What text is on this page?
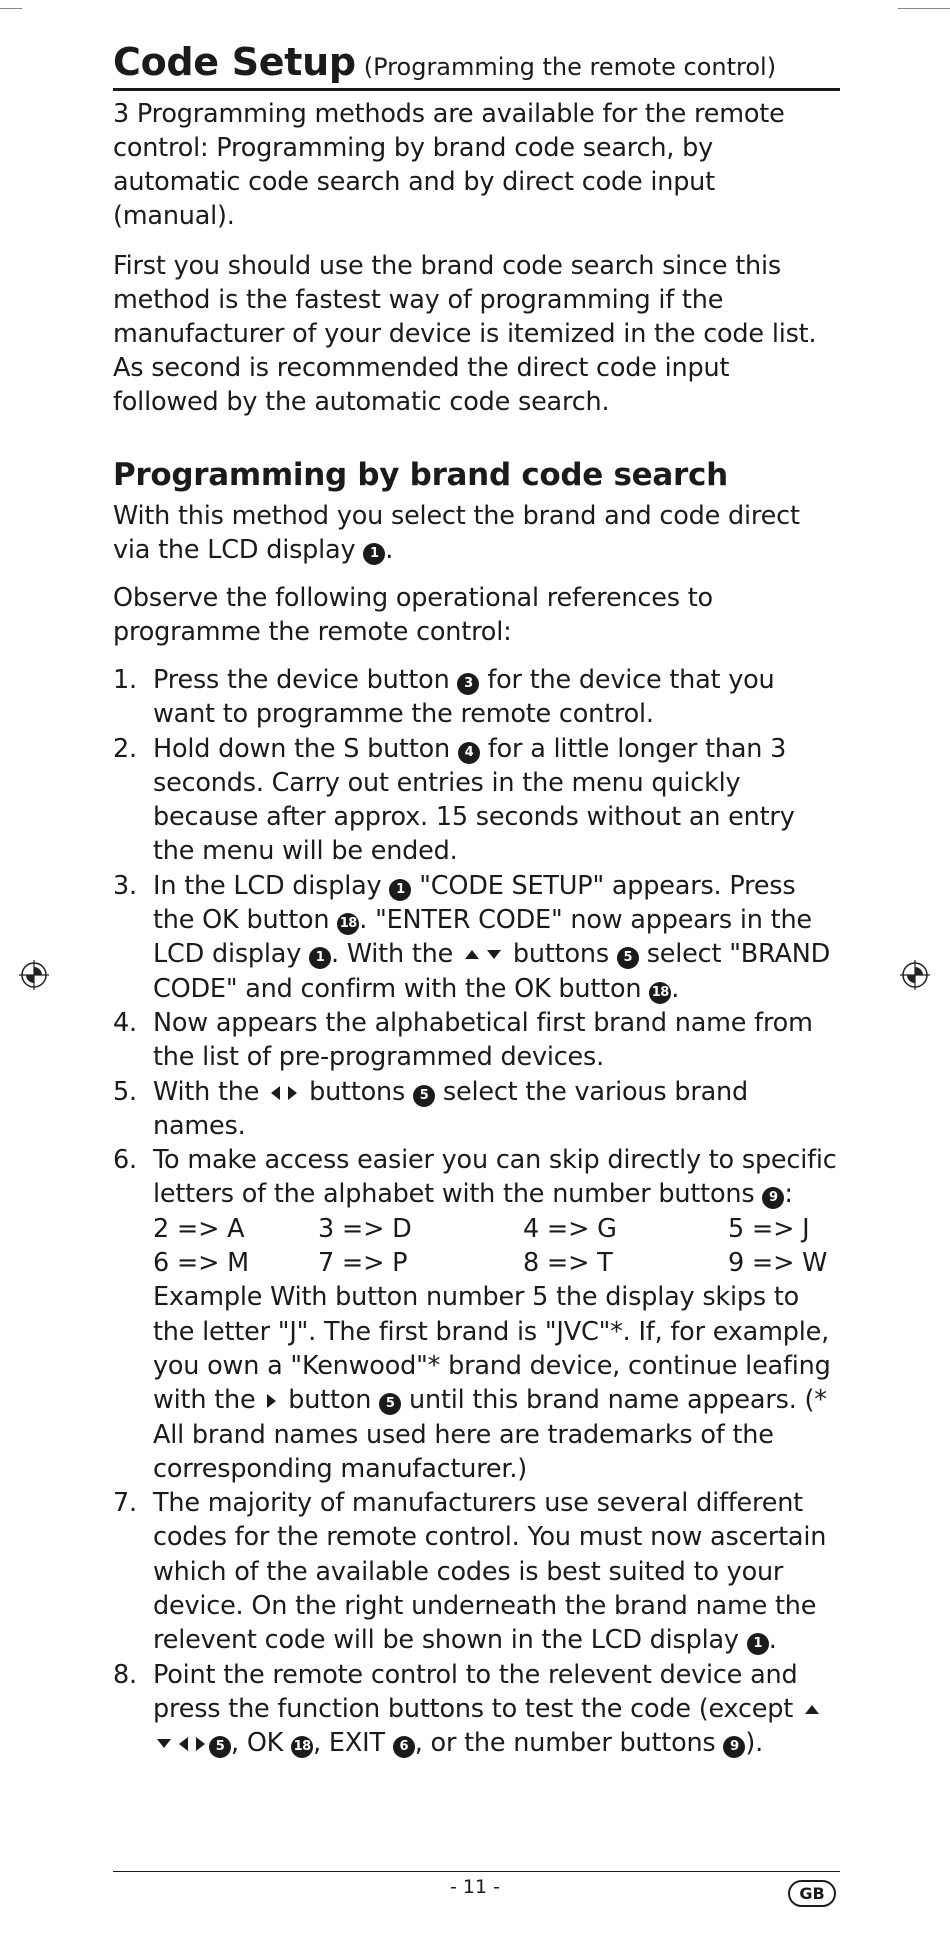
Code Setup (Programming the remote control)

3 Programming methods are available for the remote control: Programming by brand code search, by automatic code search and by direct code input (manual).

First you should use the brand code search since this method is the fastest way of programming if the manufacturer of your device is itemized in the code list. As second is recommended the direct code input followed by the automatic code search.

Programming by brand code search

With this method you select the brand and code direct via the LCD display 1 .

Observe the following operational references to programme the remote control:

1. Press the device button 3 for the device that you want to programme the remote control.
2. Hold down the S button 4 for a little longer than 3 seconds. Carry out entries in the menu quickly because after approx. 15 seconds without an entry the menu will be ended.
3. In the LCD display 1 "CODE SETUP" appears. Press the OK button 18. "ENTER CODE" now appears in the LCD display 1 . With the buttons 5 select "BRAND CODE" and confirm with the OK button 18.
4. Now appears the alphabetical first brand name from the list of pre-programmed devices.
5. With the buttons 5 select the various brand names.
6. To make access easier you can skip directly to specific letters of the alphabet with the number buttons 9 :
2 => A	3 => D	4 => G	5 => J
6 => M	7 => P	8 => T	9 => W
Example With button number 5 the display skips to the letter "J". The first brand is "JVC"*. If, for example, you own a "Kenwood"* brand device, continue leafing with the button 5 until this brand name appears. (* All brand names used here are trademarks of the corresponding manufacturer.)
7. The majority of manufacturers use several different codes for the remote control. You must now ascertain which of the available codes is best suited to your device. On the right underneath the brand name the relevent code will be shown in the LCD display 1 .
8. Point the remote control to the relevent device and press the function buttons to test the code (except 5 , OK 18, EXIT 6 , or the number buttons 9 ).
- 11 -	GB
